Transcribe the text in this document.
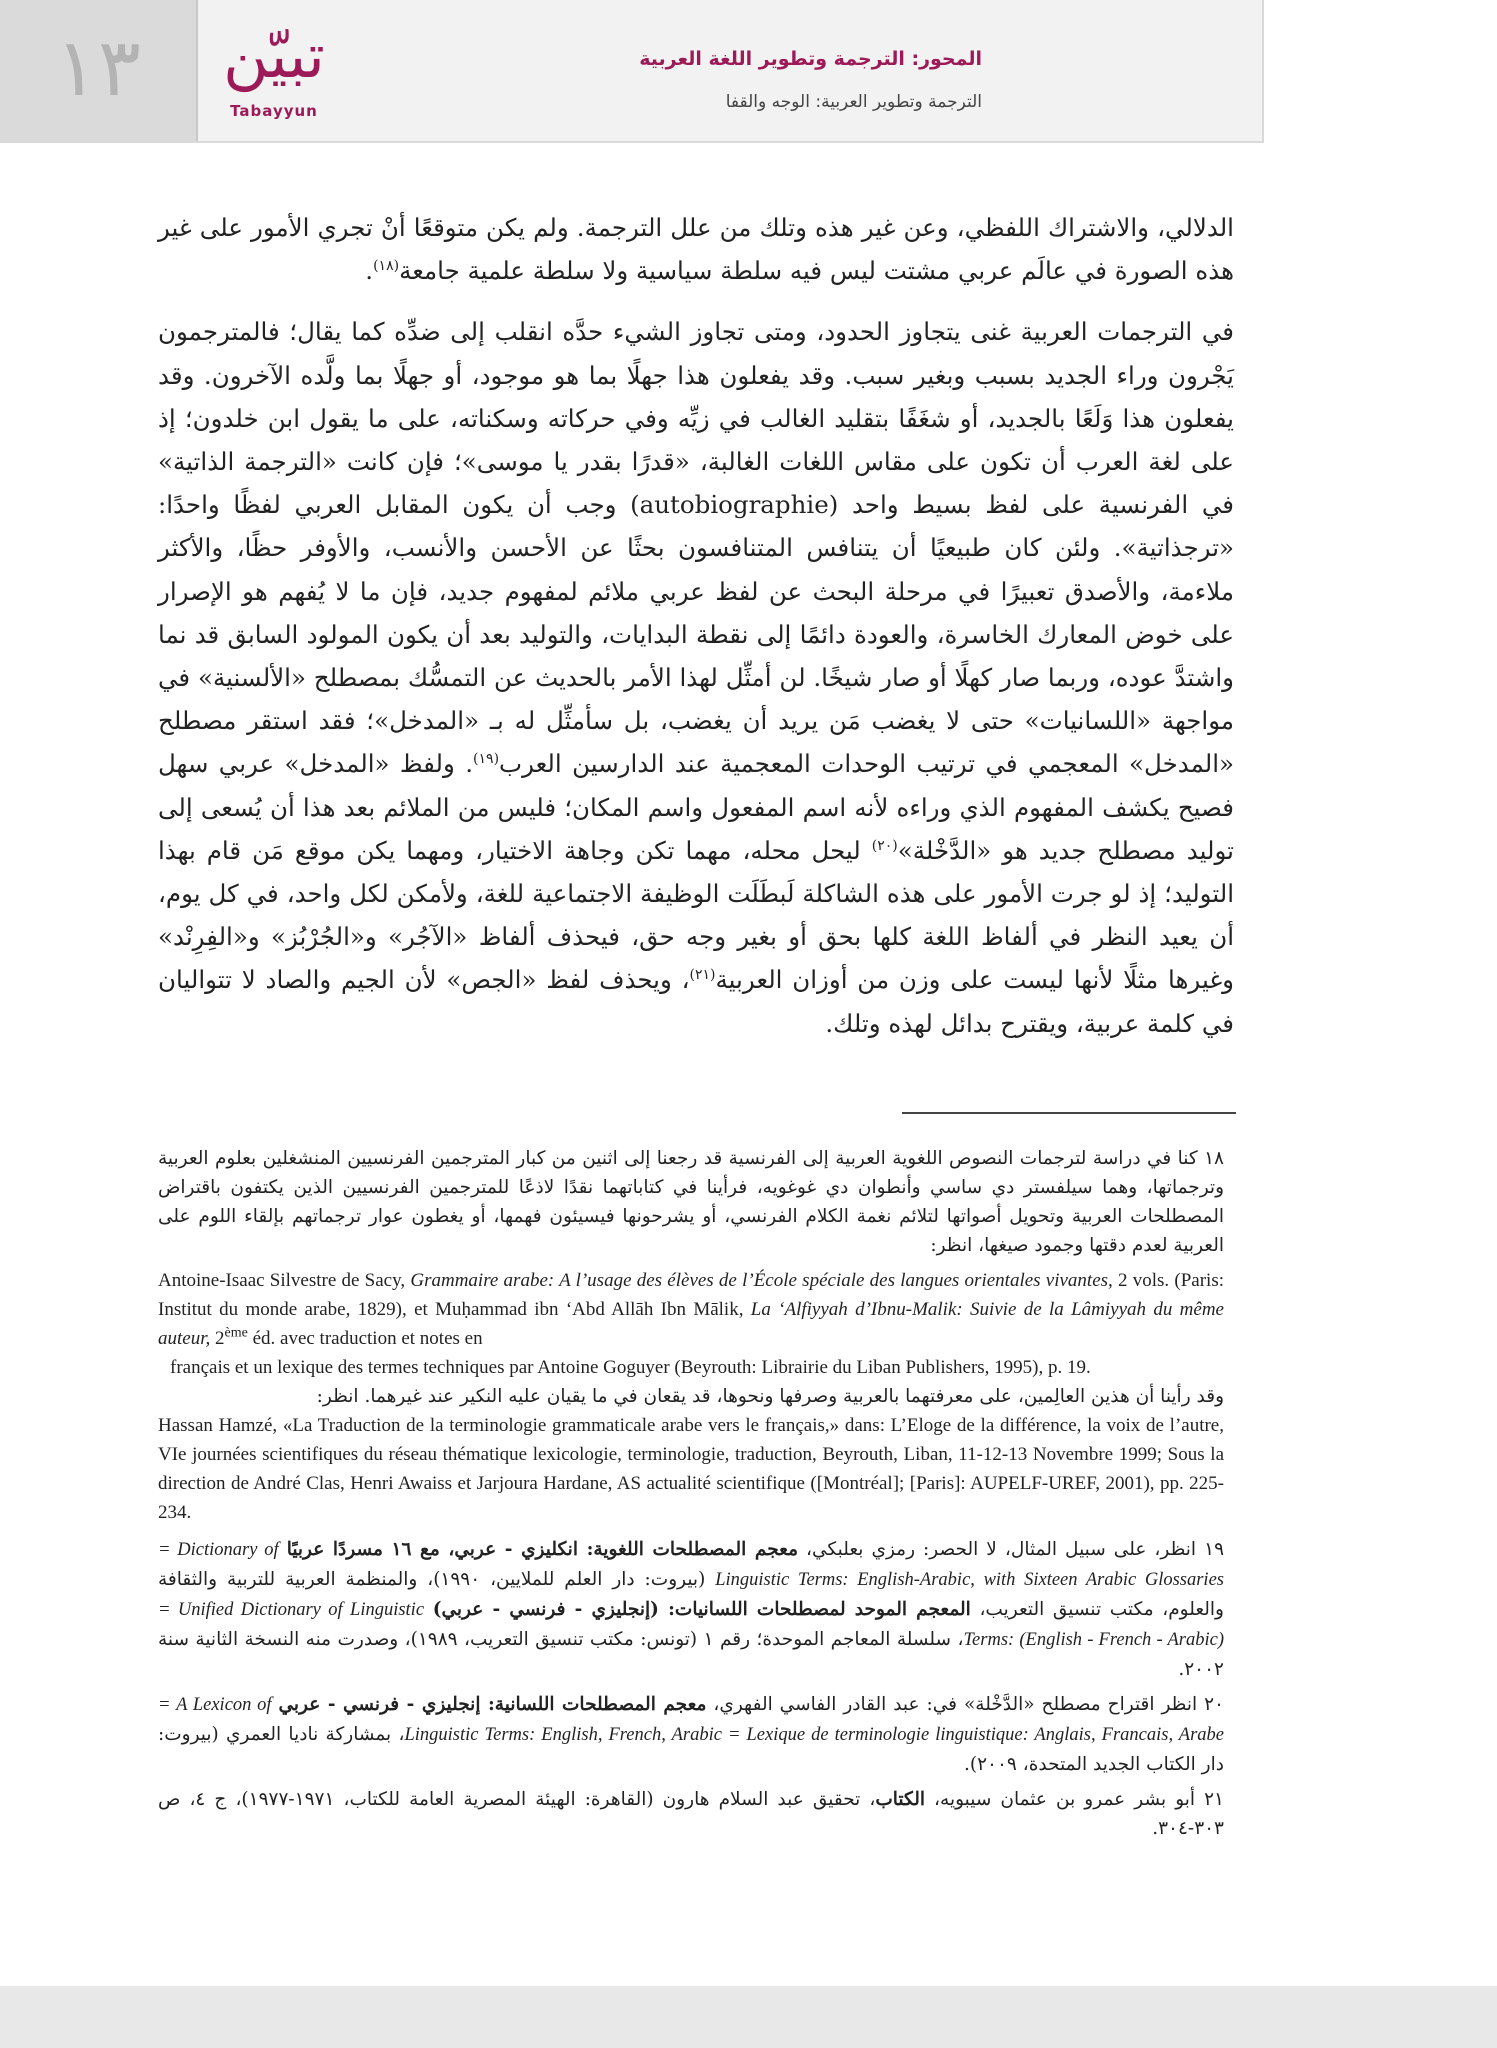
١٣	تبيّن
Tabayyun
المحور: الترجمة وتطوير اللغة العربية
الترجمة وتطوير العربية: الوجه والقفا

الدلالي، والاشتراك اللفظي، وعن غير هذه وتلك من علل الترجمة. ولم يكن متوقعًا أنْ تجري الأمور على غير هذه الصورة في عالَم عربي مشتت ليس فيه سلطة سياسية ولا سلطة علمية جامعة$^{(١٨)}$.

في الترجمات العربية غنى يتجاوز الحدود، ومتى تجاوز الشيء حدَّه انقلب إلى ضدِّه كما يقال؛ فالمترجمون يَجْرون وراء الجديد بسبب وبغير سبب. وقد يفعلون هذا جهلًا بما هو موجود، أو جهلًا بما ولَّده الآخرون. وقد يفعلون هذا وَلَعًا بالجديد، أو شغَفًا بتقليد الغالب في زيِّه وفي حركاته وسكناته، على ما يقول ابن خلدون؛ إذ على لغة العرب أن تكون على مقاس اللغات الغالبة، «قدرًا بقدر يا موسى»؛ فإن كانت «الترجمة الذاتية» في الفرنسية على لفظ بسيط واحد (autobiographie) وجب أن يكون المقابل العربي لفظًا واحدًا: «ترجذاتية». ولئن كان طبيعيًا أن يتنافس المتنافسون بحثًا عن الأحسن والأنسب، والأوفر حظًا، والأكثر ملاءمة، والأصدق تعبيرًا في مرحلة البحث عن لفظ عربي ملائم لمفهوم جديد، فإن ما لا يُفهم هو الإصرار على خوض المعارك الخاسرة، والعودة دائمًا إلى نقطة البدايات، والتوليد بعد أن يكون المولود السابق قد نما واشتدَّ عوده، وربما صار كهلًا أو صار شيخًا. لن أمثِّل لهذا الأمر بالحديث عن التمسُّك بمصطلح «الألسنية» في مواجهة «اللسانيات» حتى لا يغضب مَن يريد أن يغضب، بل سأمثِّل له بـ «المدخل»؛ فقد استقر مصطلح «المدخل» المعجمي في ترتيب الوحدات المعجمية عند الدارسين العرب$^{(١٩)}$. ولفظ «المدخل» عربي سهل فصيح يكشف المفهوم الذي وراءه لأنه اسم المفعول واسم المكان؛ فليس من الملائم بعد هذا أن يُسعى إلى توليد مصطلح جديد هو «الدَّخْلة»$^{(٢٠)}$ ليحل محله، مهما تكن وجاهة الاختيار، ومهما يكن موقع مَن قام بهذا التوليد؛ إذ لو جرت الأمور على هذه الشاكلة لَبطَلَت الوظيفة الاجتماعية للغة، ولأمكن لكل واحد، في كل يوم، أن يعيد النظر في ألفاظ اللغة كلها بحق أو بغير وجه حق، فيحذف ألفاظ «الآجُر» و«الجُرْبُز» و«الفِرِنْد» وغيرها مثلًا لأنها ليست على وزن من أوزان العربية$^{(٢١)}$، ويحذف لفظ «الجص» لأن الجيم والصاد لا تتواليان في كلمة عربية، ويقترح بدائل لهذه وتلك.

١٨ كنا في دراسة لترجمات النصوص اللغوية العربية إلى الفرنسية قد رجعنا إلى اثنين من كبار المترجمين الفرنسيين المنشغلين بعلوم العربية وترجماتها، وهما سيلفستر دي ساسي وأنطوان دي غوغويه، فرأينا في كتاباتهما نقدًا لاذعًا للمترجمين الفرنسيين الذين يكتفون باقتراض المصطلحات العربية وتحويل أصواتها لتلائم نغمة الكلام الفرنسي، أو يشرحونها فيسيئون فهمها، أو يغطون عوار ترجماتهم بإلقاء اللوم على العربية لعدم دقتها وجمود صيغها، انظر:
Antoine-Isaac Silvestre de Sacy, Grammaire arabe: A l’usage des élèves de l’École spéciale des langues orientales vivantes, 2 vols. (Paris: Institut du monde arabe, 1829), et Muḥammad ibn ‘Abd Allāh Ibn Mālik, La ‘Alfiyyah d’Ibnu-Malik: Suivie de la Lâmiyyah du même auteur, 2ème éd. avec traduction et notes en
français et un lexique des termes techniques par Antoine Goguyer (Beyrouth: Librairie du Liban Publishers, 1995), p. 19.
وقد رأينا أن هذين العالِمين، على معرفتهما بالعربية وصرفها ونحوها، قد يقعان في ما يقيان عليه النكير عند غيرهما. انظر:
Hassan Hamzé, «La Traduction de la terminologie grammaticale arabe vers le français,» dans: L’Eloge de la différence, la voix de l’autre, VIe journées scientifiques du réseau thématique lexicologie, terminologie, traduction, Beyrouth, Liban, 11-12-13 Novembre 1999; Sous la direction de André Clas, Henri Awaiss et Jarjoura Hardane, AS actualité scientifique ([Montréal]; [Paris]: AUPELF-UREF, 2001), pp. 225-234.
١٩ انظر، على سبيل المثال، لا الحصر: رمزي بعلبكي، معجم المصطلحات اللغوية: انكليزي - عربي، مع ١٦ مسردًا عربيًا = Dictionary of Linguistic Terms: English-Arabic, with Sixteen Arabic Glossaries (بيروت: دار العلم للملايين، ١٩٩٠)، والمنظمة العربية للتربية والثقافة والعلوم، مكتب تنسيق التعريب، المعجم الموحد لمصطلحات اللسانيات: (إنجليزي - فرنسي - عربي) = Unified Dictionary of Linguistic Terms: (English - French - Arabic)، سلسلة المعاجم الموحدة؛ رقم ١ (تونس: مكتب تنسيق التعريب، ١٩٨٩)، وصدرت منه النسخة الثانية سنة ٢٠٠٢.
٢٠ انظر اقتراح مصطلح «الدَّخْلة» في: عبد القادر الفاسي الفهري، معجم المصطلحات اللسانية: إنجليزي - فرنسي - عربي = A Lexicon of Linguistic Terms: English, French, Arabic = Lexique de terminologie linguistique: Anglais, Francais, Arabe، بمشاركة ناديا العمري (بيروت: دار الكتاب الجديد المتحدة، ٢٠٠٩).
٢١ أبو بشر عمرو بن عثمان سيبويه، الكتاب، تحقيق عبد السلام هارون (القاهرة: الهيئة المصرية العامة للكتاب، ١٩٧١-١٩٧٧)، ج ٤، ص ٣٠٣-٣٠٤.
